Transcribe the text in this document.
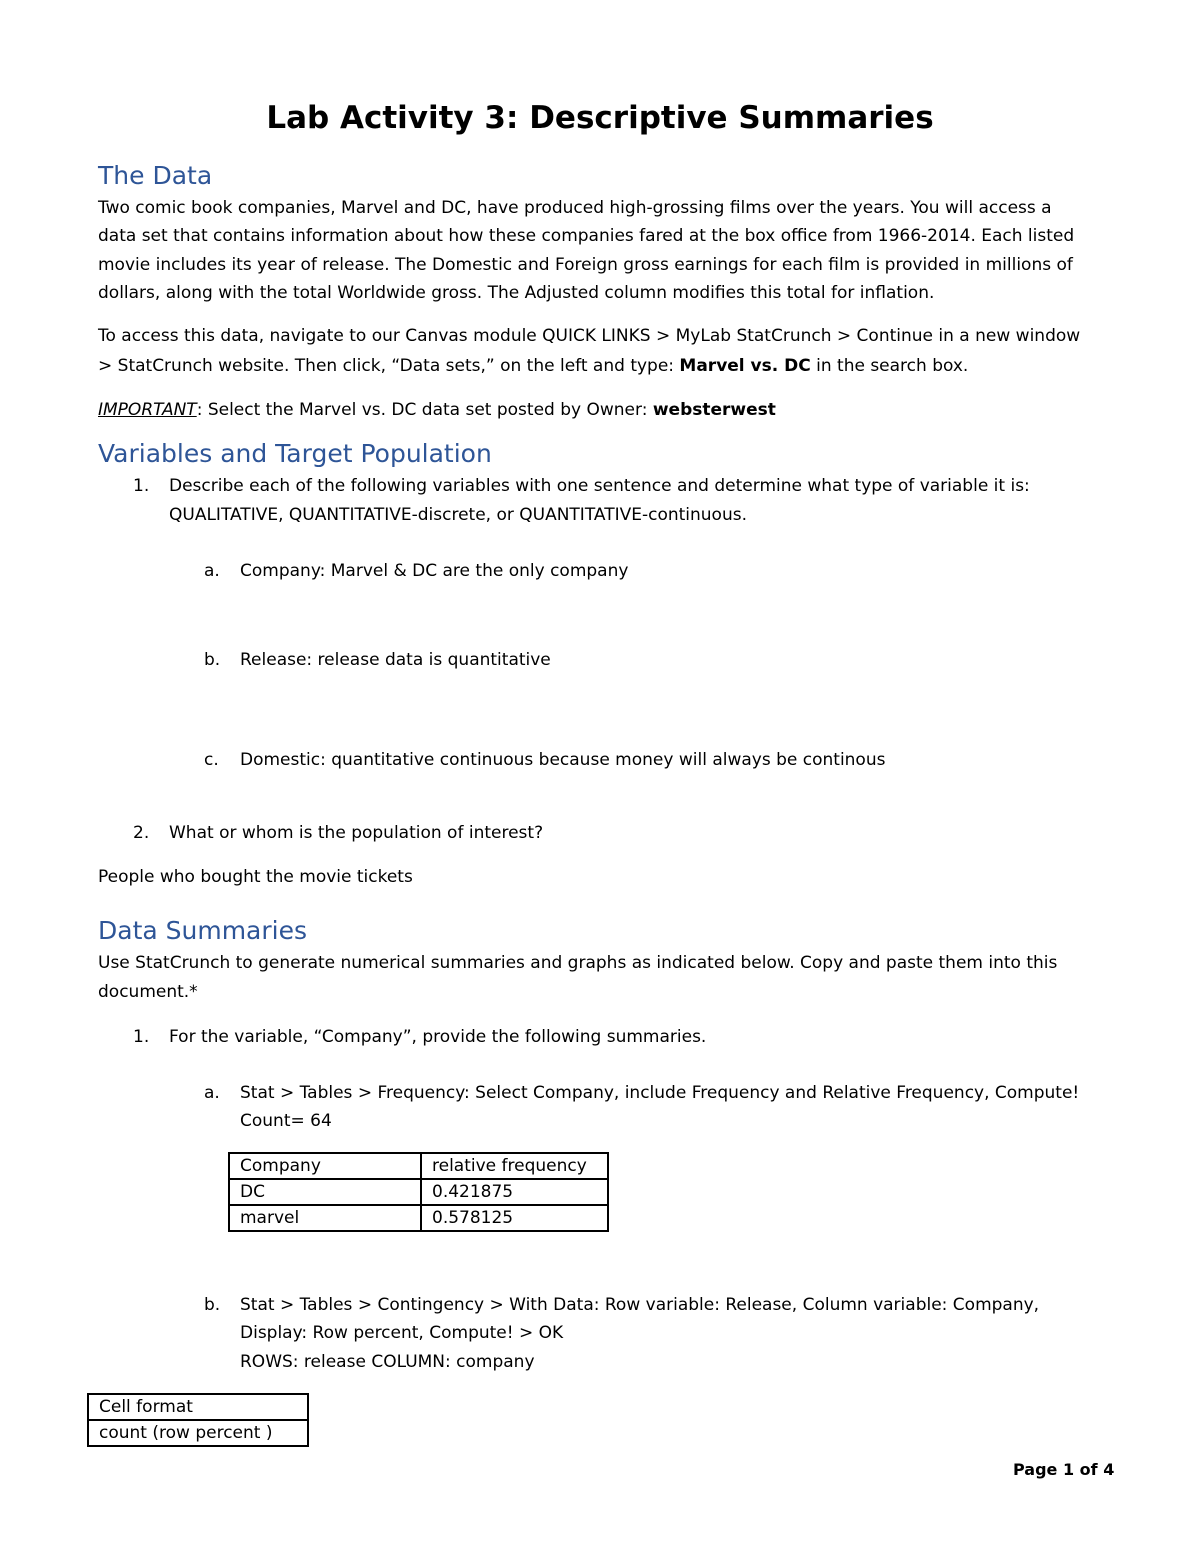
Lab Activity 3: Descriptive Summaries
The Data
Two comic book companies, Marvel and DC, have produced high-grossing films over the years. You will access a
data set that contains information about how these companies fared at the box office from 1966-2014. Each listed
movie includes its year of release. The Domestic and Foreign gross earnings for each film is provided in millions of
dollars, along with the total Worldwide gross. The Adjusted column modifies this total for inflation.
To access this data, navigate to our Canvas module QUICK LINKS > MyLab StatCrunch > Continue in a new window
> StatCrunch website. Then click, “Data sets,” on the left and type: Marvel vs. DC in the search box.
IMPORTANT: Select the Marvel vs. DC data set posted by Owner: websterwest
Variables and Target Population
1. Describe each of the following variables with one sentence and determine what type of variable it is:
QUALITATIVE, QUANTITATIVE-discrete, or QUANTITATIVE-continuous.
a. Company: Marvel & DC are the only company
b. Release: release data is quantitative
c. Domestic: quantitative continuous because money will always be continous
2. What or whom is the population of interest?
People who bought the movie tickets
Data Summaries
Use StatCrunch to generate numerical summaries and graphs as indicated below. Copy and paste them into this
document.*
1. For the variable, “Company”, provide the following summaries.
a. Stat > Tables > Frequency: Select Company, include Frequency and Relative Frequency, Compute!
Count= 64
Company	relative frequency
DC	0.421875
marvel	0.578125
b. Stat > Tables > Contingency > With Data: Row variable: Release, Column variable: Company,
Display: Row percent, Compute! > OK
ROWS: release COLUMN: company
Cell format
count (row percent )
Page 1 of 4
